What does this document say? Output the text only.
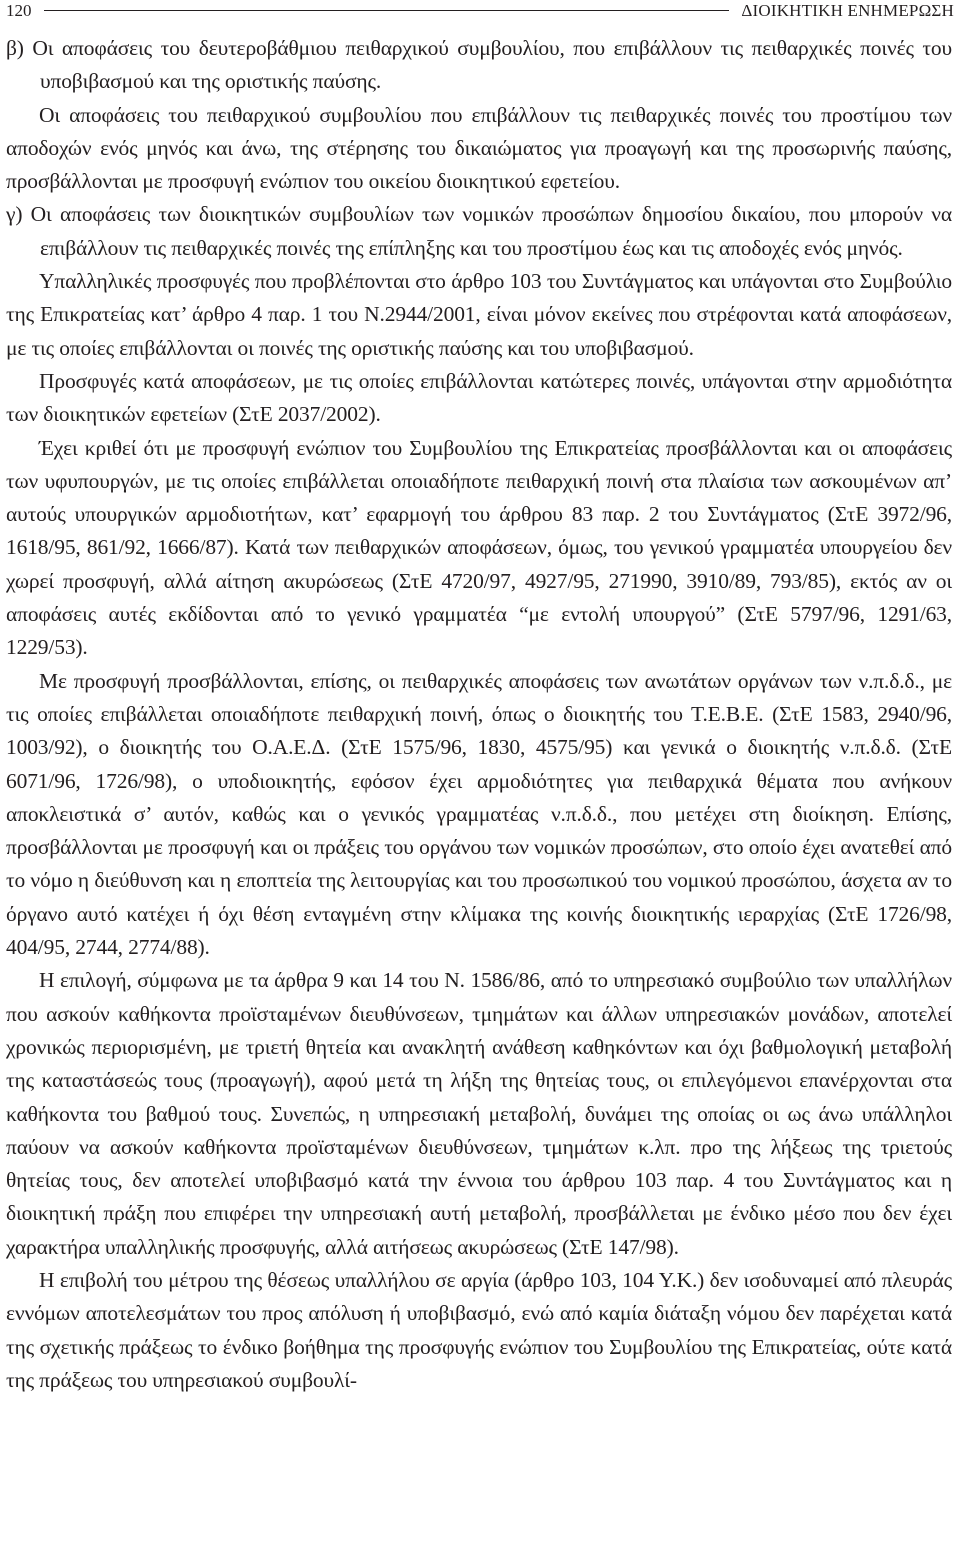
120	ΔΙΟΙΚΗΤΙΚΗ ΕΝΗΜΕΡΩΣΗ

β) Οι αποφάσεις του δευτεροβάθμιου πειθαρχικού συμβουλίου, που επιβάλλουν τις πειθαρχικές ποινές του υποβιβασμού και της οριστικής παύσης.

Οι αποφάσεις του πειθαρχικού συμβουλίου που επιβάλλουν τις πειθαρχικές ποινές του προστίμου των αποδοχών ενός μηνός και άνω, της στέρησης του δικαιώματος για προαγωγή και της προσωρινής παύσης, προσβάλλονται με προσφυγή ενώπιον του οικείου διοικητικού εφετείου.

γ) Οι αποφάσεις των διοικητικών συμβουλίων των νομικών προσώπων δημοσίου δικαίου, που μπορούν να επιβάλλουν τις πειθαρχικές ποινές της επίπληξης και του προστίμου έως και τις αποδοχές ενός μηνός.

Υπαλληλικές προσφυγές που προβλέπονται στο άρθρο 103 του Συντάγματος και υπάγονται στο Συμβούλιο της Επικρατείας κατ’ άρθρο 4 παρ. 1 του Ν.2944/2001, είναι μόνον εκείνες που στρέφονται κατά αποφάσεων, με τις οποίες επιβάλλονται οι ποινές της οριστικής παύσης και του υποβιβασμού.

Προσφυγές κατά αποφάσεων, με τις οποίες επιβάλλονται κατώτερες ποινές, υπάγονται στην αρμοδιότητα των διοικητικών εφετείων (ΣτΕ 2037/2002).

Έχει κριθεί ότι με προσφυγή ενώπιον του Συμβουλίου της Επικρατείας προσβάλλονται και οι αποφάσεις των υφυπουργών, με τις οποίες επιβάλλεται οποιαδήποτε πειθαρχική ποινή στα πλαίσια των ασκουμένων απ’ αυτούς υπουργικών αρμοδιοτήτων, κατ’ εφαρμογή του άρθρου 83 παρ. 2 του Συντάγματος (ΣτΕ 3972/96, 1618/95, 861/92, 1666/87). Κατά των πειθαρχικών αποφάσεων, όμως, του γενικού γραμματέα υπουργείου δεν χωρεί προσφυγή, αλλά αίτηση ακυρώσεως (ΣτΕ 4720/97, 4927/95, 271990, 3910/89, 793/85), εκτός αν οι αποφάσεις αυτές εκδίδονται από το γενικό γραμματέα “με εντολή υπουργού” (ΣτΕ 5797/96, 1291/63, 1229/53).

Με προσφυγή προσβάλλονται, επίσης, οι πειθαρχικές αποφάσεις των ανωτάτων οργάνων των ν.π.δ.δ., με τις οποίες επιβάλλεται οποιαδήποτε πειθαρχική ποινή, όπως ο διοικητής του Τ.Ε.Β.Ε. (ΣτΕ 1583, 2940/96, 1003/92), ο διοικητής του Ο.Α.Ε.Δ. (ΣτΕ 1575/96, 1830, 4575/95) και γενικά ο διοικητής ν.π.δ.δ. (ΣτΕ 6071/96, 1726/98), ο υποδιοικητής, εφόσον έχει αρμοδιότητες για πειθαρχικά θέματα που ανήκουν αποκλειστικά σ’ αυτόν, καθώς και ο γενικός γραμματέας ν.π.δ.δ., που μετέχει στη διοίκηση. Επίσης, προσβάλλονται με προσφυγή και οι πράξεις του οργάνου των νομικών προσώπων, στο οποίο έχει ανατεθεί από το νόμο η διεύθυνση και η εποπτεία της λειτουργίας και του προσωπικού του νομικού προσώπου, άσχετα αν το όργανο αυτό κατέχει ή όχι θέση ενταγμένη στην κλίμακα της κοινής διοικητικής ιεραρχίας (ΣτΕ 1726/98, 404/95, 2744, 2774/88).

Η επιλογή, σύμφωνα με τα άρθρα 9 και 14 του Ν. 1586/86, από το υπηρεσιακό συμβούλιο των υπαλλήλων που ασκούν καθήκοντα προϊσταμένων διευθύνσεων, τμημάτων και άλλων υπηρεσιακών μονάδων, αποτελεί χρονικώς περιορισμένη, με τριετή θητεία και ανακλητή ανάθεση καθηκόντων και όχι βαθμολογική μεταβολή της καταστάσεώς τους (προαγωγή), αφού μετά τη λήξη της θητείας τους, οι επιλεγόμενοι επανέρχονται στα καθήκοντα του βαθμού τους. Συνεπώς, η υπηρεσιακή μεταβολή, δυνάμει της οποίας οι ως άνω υπάλληλοι παύουν να ασκούν καθήκοντα προϊσταμένων διευθύνσεων, τμημάτων κ.λπ. προ της λήξεως της τριετούς θητείας τους, δεν αποτελεί υποβιβασμό κατά την έννοια του άρθρου 103 παρ. 4 του Συντάγματος και η διοικητική πράξη που επιφέρει την υπηρεσιακή αυτή μεταβολή, προσβάλλεται με ένδικο μέσο που δεν έχει χαρακτήρα υπαλληλικής προσφυγής, αλλά αιτήσεως ακυρώσεως (ΣτΕ 147/98).

Η επιβολή του μέτρου της θέσεως υπαλλήλου σε αργία (άρθρο 103, 104 Υ.Κ.) δεν ισοδυναμεί από πλευράς εννόμων αποτελεσμάτων του προς απόλυση ή υποβιβασμό, ενώ από καμία διάταξη νόμου δεν παρέχεται κατά της σχετικής πράξεως το ένδικο βοήθημα της προσφυγής ενώπιον του Συμβουλίου της Επικρατείας, ούτε κατά της πράξεως του υπηρεσιακού συμβουλί-
